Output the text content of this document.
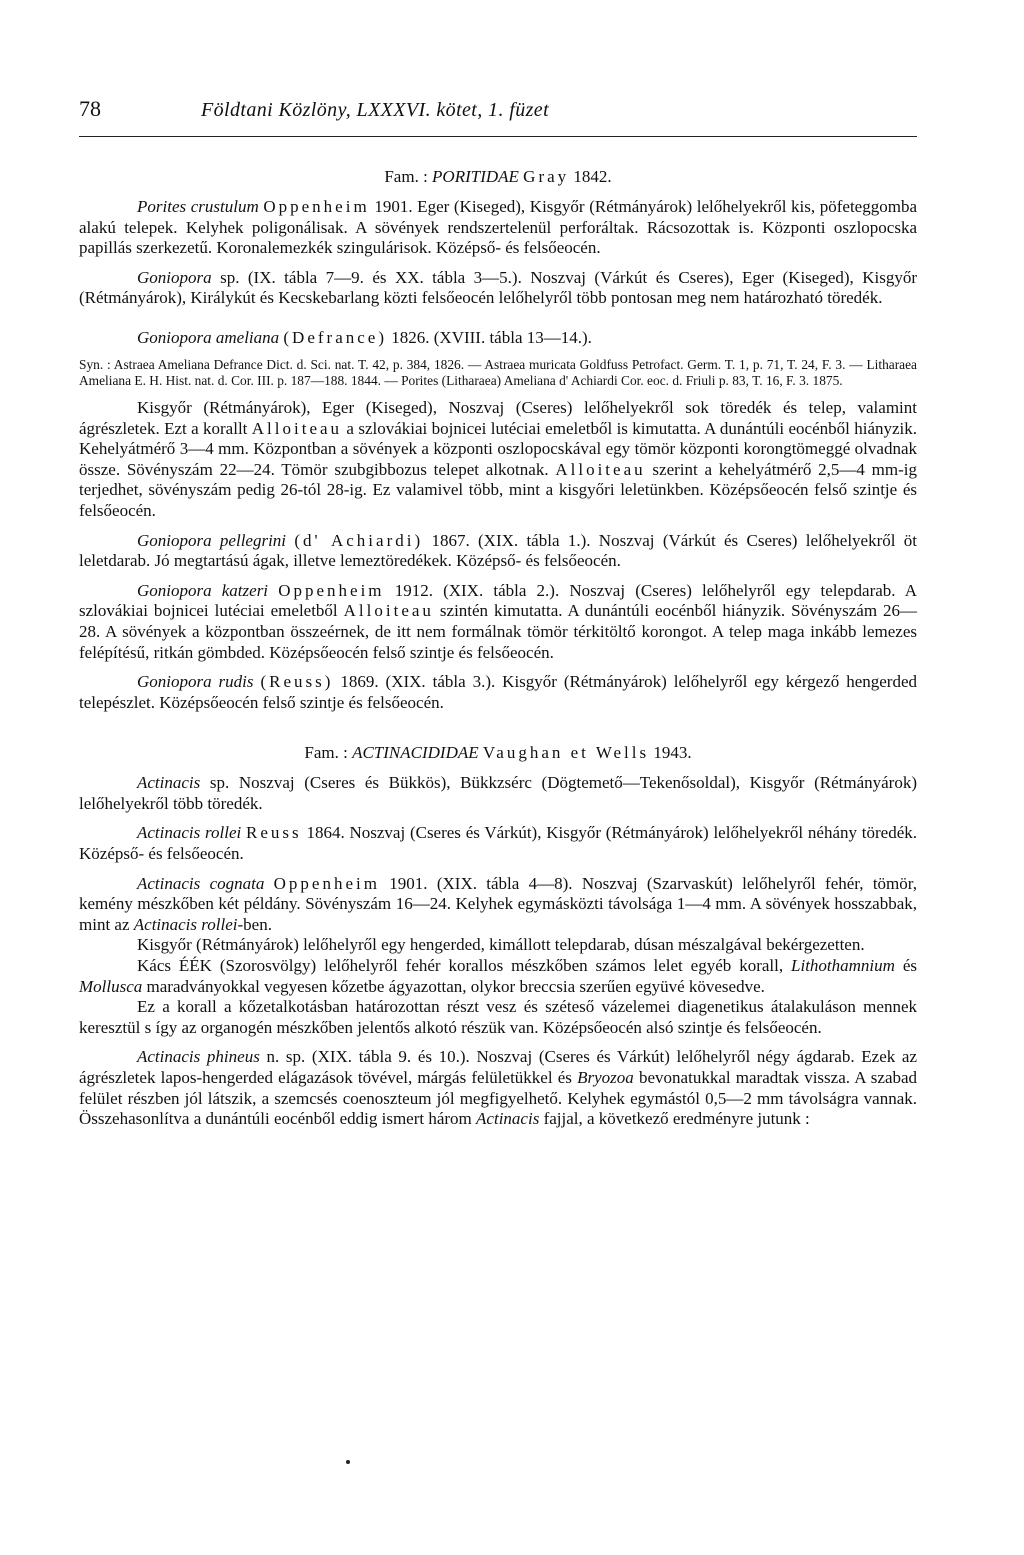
78	Földtani Közlöny, LXXXVI. kötet, 1. füzet
Fam. : PORITIDAE Gray 1842.

Porites crustulum Oppenheim 1901. Eger (Kiseged), Kisgyőr (Rétmányárok) lelőhelyekről kis, pöfeteggomba alakú telepek. Kelyhek poligonálisak. A sövények rendszertelenül perforáltak. Rácsozottak is. Központi oszlopocska papillás szerkezetű. Koronalemezkék szingulárisok. Középső- és felsőeocén.

Goniopora sp. (IX. tábla 7—9. és XX. tábla 3—5.). Noszvaj (Várkút és Cseres), Eger (Kiseged), Kisgyőr (Rétmányárok), Királykút és Kecskebarlang közti felsőeocén lelőhelyről több pontosan meg nem határozható töredék.

Goniopora ameliana (Defrance) 1826. (XVIII. tábla 13—14.).

Syn. : Astraea Ameliana Defrance Dict. d. Sci. nat. T. 42, p. 384, 1826. — Astraea muricata Goldfuss Petrofact. Germ. T. 1, p. 71, T. 24, F. 3. — Litharaea Ameliana E. H. Hist. nat. d. Cor. III. p. 187—188. 1844. — Porites (Litharaea) Ameliana d' Achiardi Cor. eoc. d. Friuli p. 83, T. 16, F. 3. 1875.

Kisgyőr (Rétmányárok), Eger (Kiseged), Noszvaj (Cseres) lelőhelyekről sok töredék és telep, valamint ágrészletek. Ezt a korallt Alloiteau a szlovákiai bojnicei lutéciai emeletből is kimutatta. A dunántúli eocénből hiányzik. Kehelyátmérő 3—4 mm. Központban a sövények a központi oszlopocskával egy tömör központi korongtömeggé olvadnak össze. Sövényszám 22—24. Tömör szubgibbozus telepet alkotnak. Alloiteau szerint a kehelyátmérő 2,5—4 mm-ig terjedhet, sövényszám pedig 26-tól 28-ig. Ez valamivel több, mint a kisgyőri leletünkben. Középsőeocén felső szintje és felsőeocén.

Goniopora pellegrini (d' Achiardi) 1867. (XIX. tábla 1.). Noszvaj (Várkút és Cseres) lelőhelyekről öt leletdarab. Jó megtartású ágak, illetve lemeztöredékek. Középső- és felsőeocén.

Goniopora katzeri Oppenheim 1912. (XIX. tábla 2.). Noszvaj (Cseres) lelőhelyről egy telepdarab. A szlovákiai bojnicei lutéciai emeletből Alloiteau szintén kimutatta. A dunántúli eocénből hiányzik. Sövényszám 26—28. A sövények a központban összeérnek, de itt nem formálnak tömör térkitöltő korongot. A telep maga inkább lemezes felépítésű, ritkán gömbded. Középsőeocén felső szintje és felsőeocén.

Goniopora rudis (Reuss) 1869. (XIX. tábla 3.). Kisgyőr (Rétmányárok) lelőhelyről egy kérgező hengerded telepészlet. Középsőeocén felső szintje és felsőeocén.

Fam. : ACTINACIDIDAE Vaughan et Wells 1943.

Actinacis sp. Noszvaj (Cseres és Bükkös), Bükkzsérc (Dögtemető—Tekenősoldal), Kisgyőr (Rétmányárok) lelőhelyekről több töredék.

Actinacis rollei Reuss 1864. Noszvaj (Cseres és Várkút), Kisgyőr (Rétmányárok) lelőhelyekről néhány töredék. Középső- és felsőeocén.

Actinacis cognata Oppenheim 1901. (XIX. tábla 4—8). Noszvaj (Szarvaskút) lelőhelyről fehér, tömör, kemény mészkőben két példány. Sövényszám 16—24. Kelyhek egymásközti távolsága 1—4 mm. A sövények hosszabbak, mint az Actinacis rollei-ben.

Kisgyőr (Rétmányárok) lelőhelyről egy hengerded, kimállott telepdarab, dúsan mészalgával bekérgezetten.

Kács ÉÉK (Szorosvölgy) lelőhelyről fehér korallos mészkőben számos lelet egyéb korall, Lithothamnium és Mollusca maradványokkal vegyesen kőzetbe ágyazottan, olykor breccsia szerűen együvé kövesedve.

Ez a korall a kőzetalkotásban határozottan részt vesz és széteső vázelemei diagenetikus átalakuláson mennek keresztül s így az organogén mészkőben jelentős alkotó részük van. Középsőeocén alsó szintje és felsőeocén.

Actinacis phineus n. sp. (XIX. tábla 9. és 10.). Noszvaj (Cseres és Várkút) lelőhelyről négy ágdarab. Ezek az ágrészletek lapos-hengerded elágazások tövével, márgás felületükkel és Bryozoa bevonatukkal maradtak vissza. A szabad felület részben jól látszik, a szemcsés coenoszteum jól megfigyelhető. Kelyhek egymástól 0,5—2 mm távolságra vannak. Összehasonlítva a dunántúli eocénből eddig ismert három Actinacis fajjal, a következő eredményre jutunk :
